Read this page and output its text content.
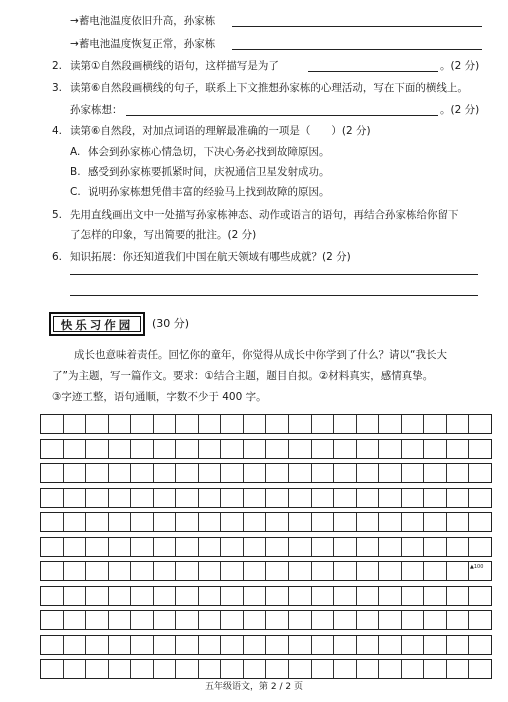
→蓄电池温度依旧升高，孙家栋
→蓄电池温度恢复正常，孙家栋
2. 读第①自然段画横线的语句，这样描写是为了	。(2 分)
3. 读第⑥自然段画横线的句子，联系上下文推想孙家栋的心理活动，写在下面的横线上。
孙家栋想：	。(2 分)
4. 读第⑥自然段，对加点词语的理解最准确的一项是（　　）(2 分)
A. 体会到孙家栋心情急切，下决心务必找到故障原因。
B. 感受到孙家栋要抓紧时间，庆祝通信卫星发射成功。
C. 说明孙家栋想凭借丰富的经验马上找到故障的原因。
5. 先用直线画出文中一处描写孙家栋神态、动作或语言的语句，再结合孙家栋给你留下
了怎样的印象，写出简要的批注。(2 分)
6. 知识拓展：你还知道我们中国在航天领域有哪些成就？(2 分)
快乐习作园	(30 分)
成长也意味着责任。回忆你的童年，你觉得从成长中你学到了什么？请以“我长大
了”为主题，写一篇作文。要求：①结合主题，题目自拟。②材料真实，感情真挚。
③字迹工整，语句通顺，字数不少于 400 字。
▲100
五年级语文，第 2 / 2 页
